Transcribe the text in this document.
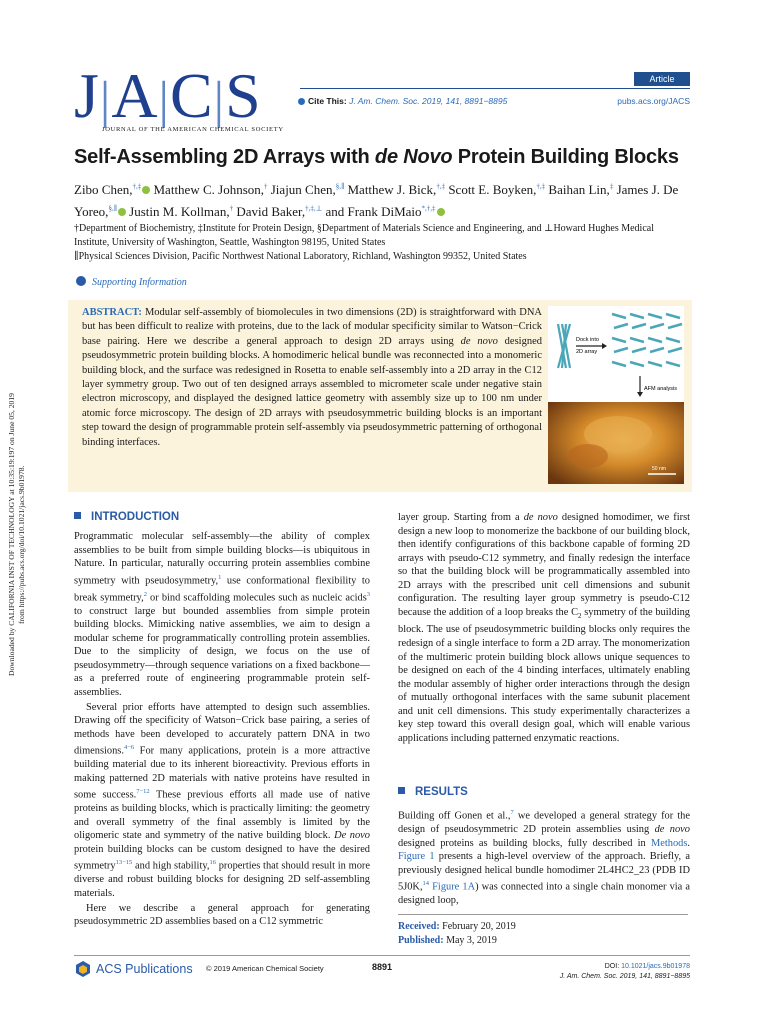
J|A|C|S
JOURNAL OF THE AMERICAN CHEMICAL SOCIETY
Article
Cite This: J. Am. Chem. Soc. 2019, 141, 8891−8895	pubs.acs.org/JACS
Self-Assembling 2D Arrays with de Novo Protein Building Blocks
Zibo Chen,†,‡ Matthew C. Johnson,† Jiajun Chen,§,∥ Matthew J. Bick,†,‡ Scott E. Boyken,†,‡ Baihan Lin,‡ James J. De Yoreo,§,∥ Justin M. Kollman,† David Baker,†,‡,⊥ and Frank DiMaio*,†,‡
†Department of Biochemistry, ‡Institute for Protein Design, §Department of Materials Science and Engineering, and ⊥Howard Hughes Medical Institute, University of Washington, Seattle, Washington 98195, United States
∥Physical Sciences Division, Pacific Northwest National Laboratory, Richland, Washington 99352, United States
Supporting Information
ABSTRACT: Modular self-assembly of biomolecules in two dimensions (2D) is straightforward with DNA but has been difficult to realize with proteins, due to the lack of modular specificity similar to Watson−Crick base pairing. Here we describe a general approach to design 2D arrays using de novo designed pseudosymmetric protein building blocks. A homodimeric helical bundle was reconnected into a monomeric building block, and the surface was redesigned in Rosetta to enable self-assembly into a 2D array in the C12 layer symmetry group. Two out of ten designed arrays assembled to micrometer scale under negative stain electron microscopy, and displayed the designed lattice geometry with assembly size up to 100 nm under atomic force microscopy. The design of 2D arrays with pseudosymmetric building blocks is an important step toward the design of programmable protein self-assembly via pseudosymmetric patterning of orthogonal binding interfaces.
Dock into
2D array
AFM analysis
50 nm
Downloaded by CALIFORNIA INST OF TECHNOLOGY at 10:35:19:197 on June 05, 2019 from https://pubs.acs.org/doi/10.1021/jacs.9b01978.	INTRODUCTION

Programmatic molecular self-assembly—the ability of complex assemblies to be built from simple building blocks—is ubiquitous in Nature. In particular, naturally occurring protein assemblies combine symmetry with pseudosymmetry,$^1$ use conformational flexibility to break symmetry,$^2$ or bind scaffolding molecules such as nucleic acids$^3$ to construct large but bounded assemblies from simple protein building blocks. Mimicking native assemblies, we aim to design a modular scheme for programmatically controlling protein assemblies. Due to the simplicity of design, we focus on the use of pseudosymmetry—through sequence variations on a fixed backbone—as a preferred route of engineering programmable protein self-assemblies.

Several prior efforts have attempted to design such assemblies. Drawing off the specificity of Watson−Crick base pairing, a series of methods have been developed to accurately pattern DNA in two dimensions.$^{4-6}$ For many applications, protein is a more attractive building material due to its inherent bioreactivity. Previous efforts in making patterned 2D materials with native proteins have resulted in some success.$^{7-12}$ These previous efforts all made use of native proteins as building blocks, which is practically limiting: the geometry and overall symmetry of the final assembly is limited by the oligomeric state and symmetry of the native building block. De novo protein building blocks can be custom designed to have the desired symmetry$^{13-15}$ and high stability,$^{16}$ properties that should result in more diverse and robust building blocks for designing 2D self-assembling materials.

Here we describe a general approach for generating pseudosymmetric 2D assemblies based on a C12 symmetric

layer group. Starting from a de novo designed homodimer, we first design a new loop to monomerize the backbone of our building block, then identify configurations of this backbone capable of forming 2D arrays with pseudo-C12 symmetry, and finally redesign the interface so that the building block will be programmatically assembled into 2D arrays with the prescribed unit cell dimensions and subunit configuration. The resulting layer group symmetry is pseudo-C12 because the addition of a loop breaks the $C_2$ symmetry of the building block. The use of pseudosymmetric building blocks only requires the redesign of a single interface to form a 2D array. The monomerization of the multimeric protein building block allows unique sequences to be designed on each of the 4 binding interfaces, ultimately enabling the modular assembly of higher order interactions through the design of mutually orthogonal interfaces with the same subunit placement and unit cell dimensions. This study experimentally characterizes a key step toward this overall design goal, which will enable various applications including patterned enzymatic reactions.

RESULTS

Building off Gonen et al.,$^7$ we developed a general strategy for the design of pseudosymmetric 2D protein assemblies using de novo designed proteins as building blocks, fully described in Methods. Figure 1 presents a high-level overview of the approach. Briefly, a previously designed helical bundle homodimer 2L4HC2_23 (PDB ID 5J0K,$^{14}$ Figure 1A) was connected into a single chain monomer via a designed loop,

Received: February 20, 2019
Published: May 3, 2019
ACS Publications © 2019 American Chemical Society	8891	DOI: 10.1021/jacs.9b01978
J. Am. Chem. Soc. 2019, 141, 8891−8895
